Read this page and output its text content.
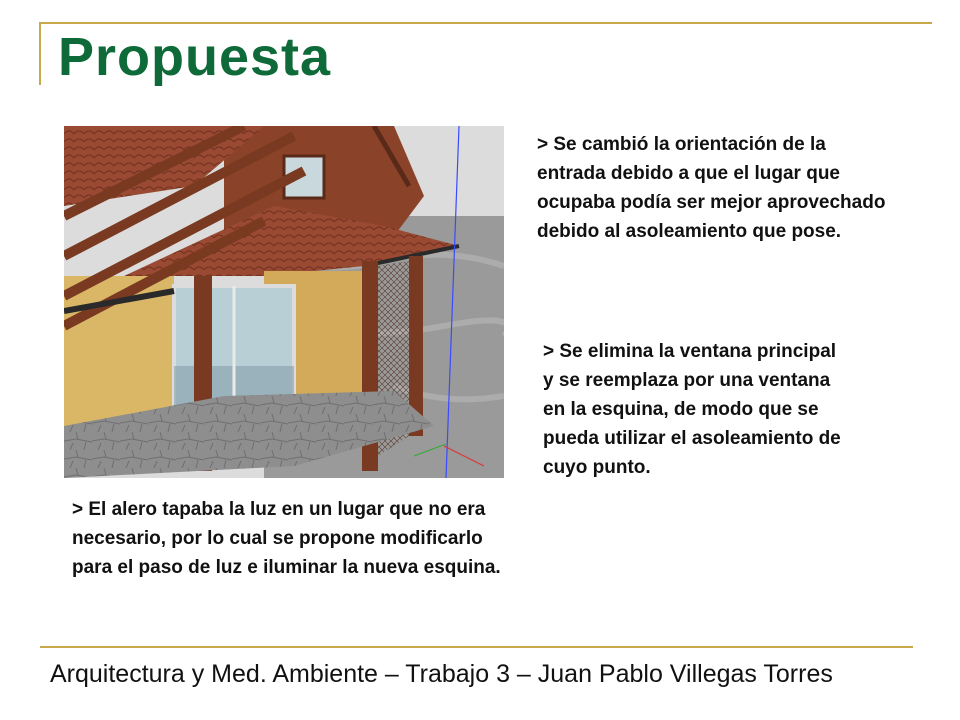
Propuesta

> Se cambió la orientación de la entrada debido a que el lugar que ocupaba podía ser mejor aprovechado debido al asoleamiento que pose.

> Se elimina la ventana principal y se reemplaza por una ventana en la esquina, de modo que se pueda utilizar el asoleamiento de cuyo punto.

> El alero tapaba la luz en un lugar que no era necesario, por lo cual se propone modificarlo para el paso de luz e iluminar la nueva esquina.

Arquitectura y Med. Ambiente – Trabajo 3 – Juan Pablo Villegas Torres
